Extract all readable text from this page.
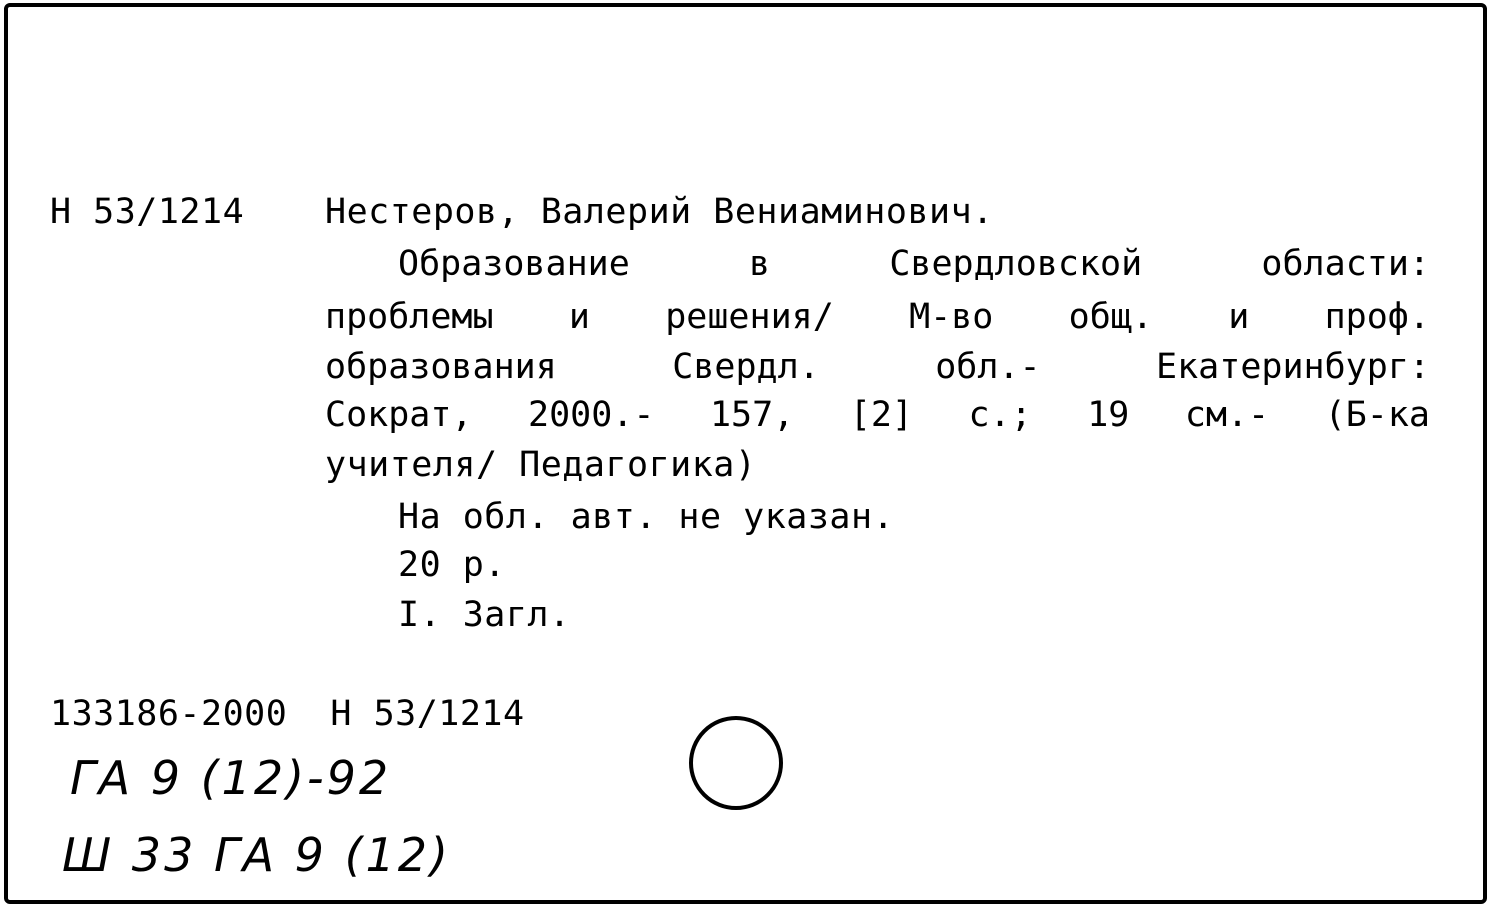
Н 53/1214 Нестеров, Валерий Вениаминович.
Образование	в	Свердловской	области:
проблемы и решения/ М-во общ. и проф.
образования	Свердл.	обл.-	Екатеринбург:
Сократ, 2000.- 157, [2] с.; 19 см.- (Б-ка
учителя/ Педагогика)
На обл. авт. не указан.
20 р.
I. Загл.
133186-2000  Н 53/1214
ГА 9 (12)-92
Ш 33 ГА 9 (12)
